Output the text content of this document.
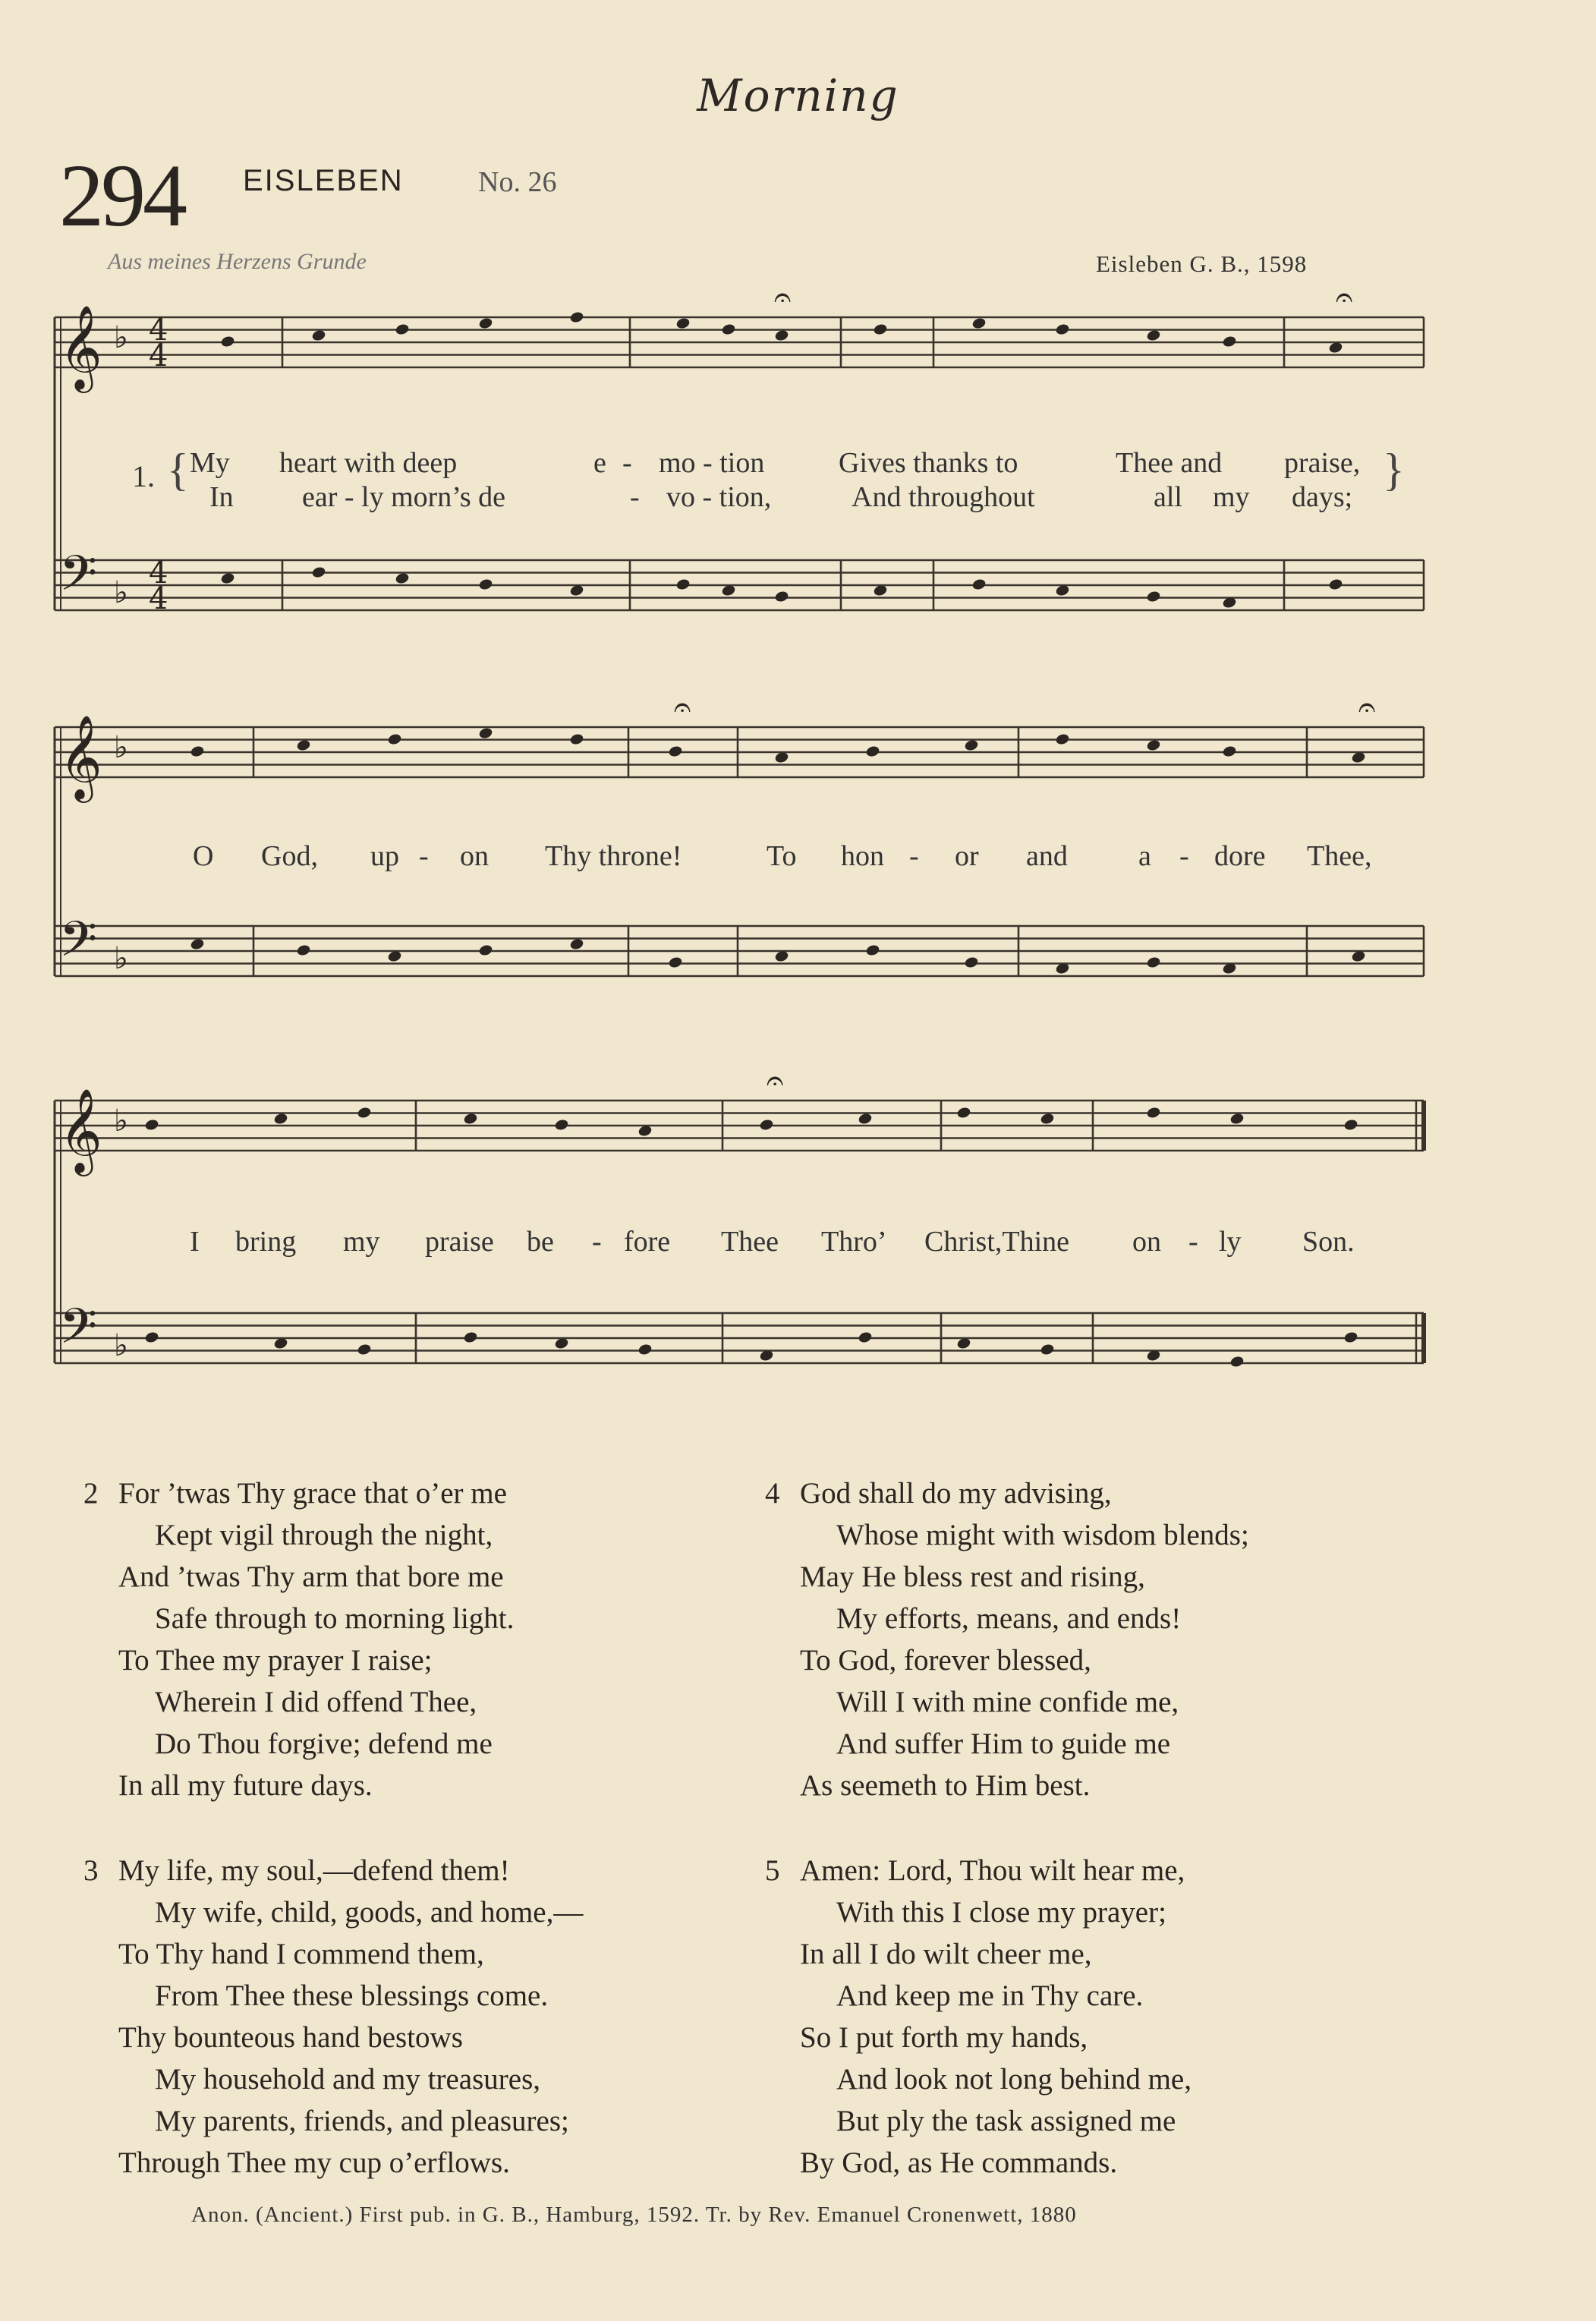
Morning
294 EISLEBEN	No. 26
Aus meines Herzens Grunde	Eisleben G. B., 1598
𝄞
𝄢
♭
♭
4
4
4
4
𝄞
𝄢
♭
♭
𝄞
𝄢
♭
♭
𝄐	𝄐
𝄐	𝄐
𝄐
1. {	}
My heart with deep	e - mo - tion	Gives thanks to	Thee and praise,
In ear - ly morn’s de	- vo - tion,	And throughout	all my days;
O God, up - on Thy throne!	To hon - or and a - dore Thee,
I bring my praise be - fore Thee Thro’ Christ,Thine on - ly Son.
2 For ’twas Thy grace that o’er me
Kept vigil through the night,
And ’twas Thy arm that bore me
Safe through to morning light.
To Thee my prayer I raise;
Wherein I did offend Thee,
Do Thou forgive; defend me
In all my future days.
3 My life, my soul,—defend them!
My wife, child, goods, and home,—
To Thy hand I commend them,
From Thee these blessings come.
Thy bounteous hand bestows
My household and my treasures,
My parents, friends, and pleasures;
Through Thee my cup o’erflows.
4 God shall do my advising,
Whose might with wisdom blends;
May He bless rest and rising,
My efforts, means, and ends!
To God, forever blessed,
Will I with mine confide me,
And suffer Him to guide me
As seemeth to Him best.
5 Amen: Lord, Thou wilt hear me,
With this I close my prayer;
In all I do wilt cheer me,
And keep me in Thy care.
So I put forth my hands,
And look not long behind me,
But ply the task assigned me
By God, as He commands.
Anon. (Ancient.) First pub. in G. B., Hamburg, 1592. Tr. by Rev. Emanuel Cronenwett, 1880
